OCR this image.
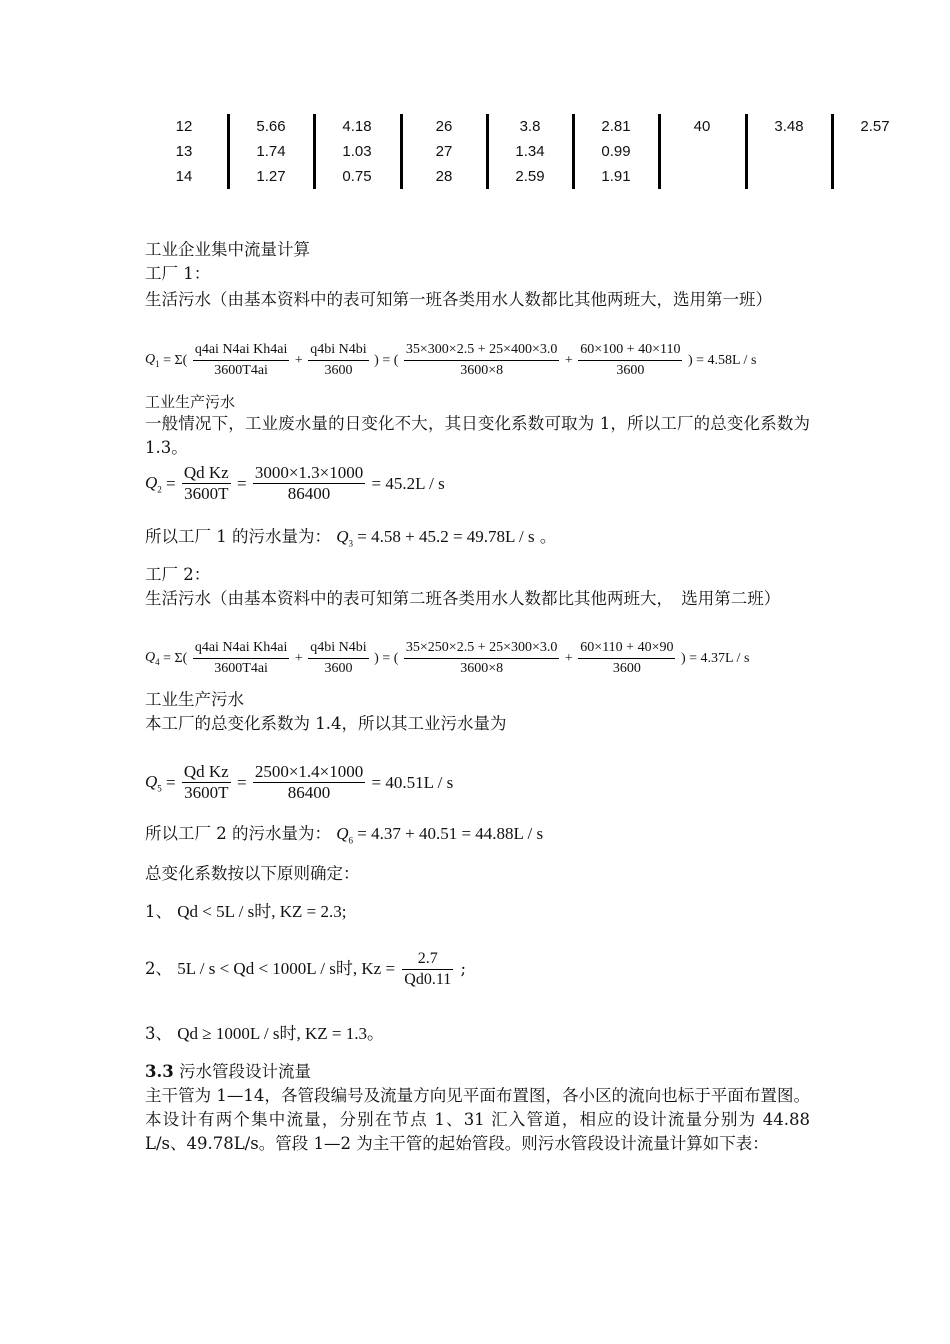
12	5.66	4.18	26	3.8	2.81	40	3.48	2.57
13	1.74	1.03	27	1.34	0.99
14	1.27	0.75	28	2.59	1.91
工业企业集中流量计算
工厂 1：
生活污水（由基本资料中的表可知第一班各类用水人数都比其他两班大，选用第一班）
$Q_1 = \Sigma( \frac{\text{q4ai N4ai Kh4ai}}{3600T4ai} + \frac{\text{q4bi N4bi}}{3600}$ ) = ( $\frac{35\times 300\times 2.5 + 25\times 400\times 3.0}{3600\times 8} + \frac{60\times 100 + 40\times 110}{3600}$ ) = 4.58L / s
工业生产污水
一般情况下，工业废水量的日变化不大，其日变化系数可取为 1，所以工厂的总变化系数为 1.3。
$Q_2 = \frac{\text{Qd Kz}}{3600T} = \frac{3000\times 1.3\times 1000}{86400} = 45.2L / s$
所以工厂 1 的污水量为： $Q_3 = 4.58 + 45.2 = 49.78L / s$ 。
工厂 2：
生活污水（由基本资料中的表可知第二班各类用水人数都比其他两班大，　选用第二班）
$Q_4 = \Sigma( \frac{\text{q4ai N4ai Kh4ai}}{3600T4ai} + \frac{\text{q4bi N4bi}}{3600}$ ) = ( $\frac{35\times 250\times 2.5 + 25\times 300\times 3.0}{3600\times 8} + \frac{60\times 110 + 40\times 90}{3600}$ ) = 4.37L / s
工业生产污水
本工厂的总变化系数为 1.4，所以其工业污水量为
$Q_5 = \frac{\text{Qd Kz}}{3600T} = \frac{2500\times 1.4\times 1000}{86400} = 40.51L / s$
所以工厂 2 的污水量为： $Q_6 = 4.37 + 40.51 = 44.88L / s$
总变化系数按以下原则确定：
1、 Qd < 5L / s时, KZ = 2.3;
2、 5L / s < Qd < 1000L / s时, $Kz = \frac{2.7}{Qd0.11}$ ;
3、 Qd ≥ 1000L / s时, KZ = 1.3。
3.3 污水管段设计流量
主干管为 1—14，各管段编号及流量方向见平面布置图，各小区的流向也标于平面布置图。本设计有两个集中流量，分别在节点 1、31 汇入管道，相应的设计流量分别为 44.88 L/s、49.78L/s。管段 1—2 为主干管的起始管段。则污水管段设计流量计算如下表：
